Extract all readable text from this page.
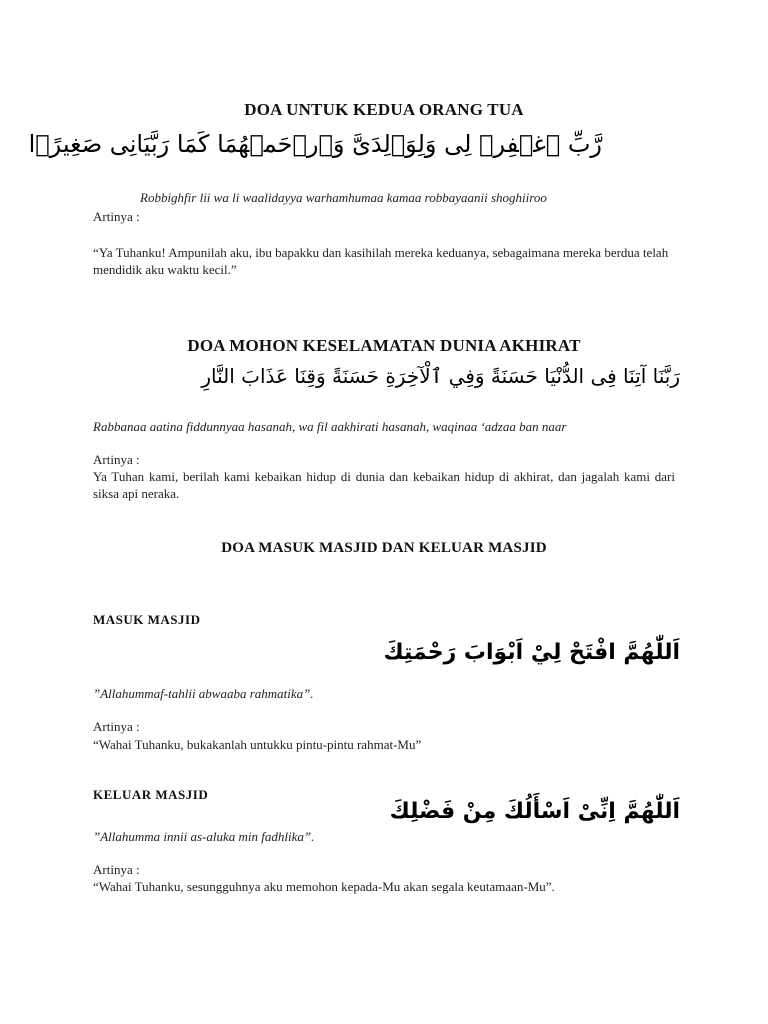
DOA UNTUK KEDUA ORANG TUA
رَّبِّ ٱغۡفِرۡ لِى وَلِوَٲلِدَىَّ وَٱرۡحَمۡهُمَا كَمَا رَبَّيَانِى صَغِيرً۬ا
Robbighfir lii wa li waalidayya warhamhumaa kamaa robbayaanii shoghiiroo
Artinya :
“Ya Tuhanku! Ampunilah aku, ibu bapakku dan kasihilah mereka keduanya, sebagaimana mereka berdua telah mendidik aku waktu kecil.”
DOA MOHON KESELAMATAN DUNIA AKHIRAT
رَبَّنَا آتِنَا فِى الدُّنْيَا حَسَنَةً وَفِي ٱلْآخِرَةِ حَسَنَةً وَقِنَا عَذَابَ النَّارِ
Rabbanaa aatina fiddunnyaa hasanah, wa fil aakhirati hasanah, waqinaa ‘adzaa ban naar
Artinya :
Ya Tuhan kami, berilah kami kebaikan hidup di dunia dan kebaikan hidup di akhirat, dan jagalah kami dari siksa api neraka.
DOA MASUK MASJID DAN KELUAR MASJID
MASUK MASJID
اَللّٰهُمَّ افْتَحْ لِيْ اَبْوَابَ رَحْمَتِكَ
”Allahummaf-tahlii abwaaba rahmatika”.
Artinya :
“Wahai Tuhanku, bukakanlah untukku pintu-pintu rahmat-Mu”
KELUAR MASJID
اَللّٰهُمَّ اِنِّىْ اَسْأَلُكَ مِنْ فَضْلِكَ
”Allahumma innii as-aluka min fadhlika”.
Artinya :
“Wahai Tuhanku, sesungguhnya aku memohon kepada-Mu akan segala keutamaan-Mu”.
